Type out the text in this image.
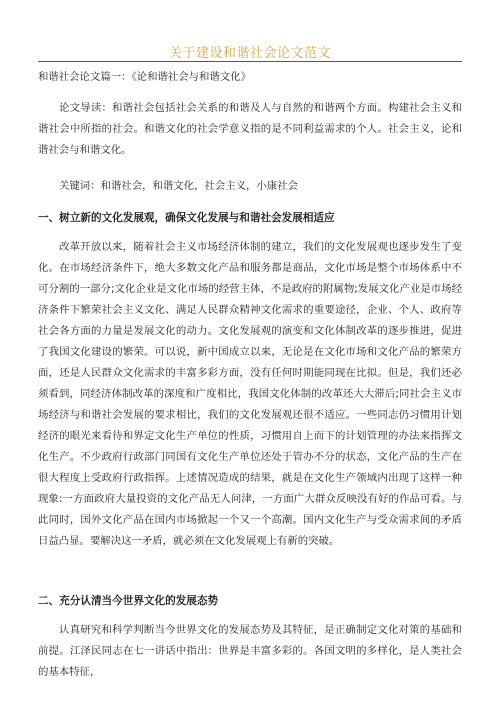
关于建设和谐社会论文范文

和谐社会论文篇一：《论和谐社会与和谐文化》

论文导读：和谐社会包括社会关系的和谐及人与自然的和谐两个方面。构建社会主义和谐社会中所指的社会。和谐文化的社会学意义指的是不同利益需求的个人。社会主义，论和谐社会与和谐文化。

关键词：和谐社会，和谐文化，社会主义，小康社会

一、树立新的文化发展观，确保文化发展与和谐社会发展相适应

改革开放以来，随着社会主义市场经济体制的建立，我们的文化发展观也逐步发生了变化。在市场经济条件下，绝大多数文化产品和服务都是商品，文化市场是整个市场体系中不可分割的一部分;文化企业是文化市场的经营主体，不是政府的附属物;发展文化产业是市场经济条件下繁荣社会主义文化、满足人民群众精神文化需求的重要途径，企业、个人、政府等社会各方面的力量是发展文化的动力。文化发展观的演变和文化体制改革的逐步推进，促进了我国文化建设的繁荣。可以说，新中国成立以来，无论是在文化市场和文化产品的繁荣方面，还是人民群众文化需求的丰富多彩方面，没有任何时期能同现在比拟。但是，我们还必须看到，同经济体制改革的深度和广度相比，我国文化体制的改革还大大滞后;同社会主义市场经济与和谐社会发展的要求相比，我们的文化发展观还很不适应。一些同志仍习惯用计划经济的眼光来看待和界定文化生产单位的性质，习惯用自上而下的计划管理的办法来指挥文化生产。不少政府行政部门同国有文化生产单位还处于管办不分的状态，文化产品的生产在很大程度上受政府行政指挥。上述情况造成的结果，就是在文化生产领域内出现了这样一种现象:一方面政府大量投资的文化产品无人问津，一方面广大群众反映没有好的作品可看。与此同时，国外文化产品在国内市场掀起一个又一个高潮。国内文化生产与受众需求间的矛盾日益凸显。要解决这一矛盾，就必须在文化发展观上有新的突破。

二、充分认清当今世界文化的发展态势

认真研究和科学判断当今世界文化的发展态势及其特征，是正确制定文化对策的基础和前提。江泽民同志在七一讲话中指出：世界是丰富多彩的。各国文明的多样化，是人类社会的基本特征，
